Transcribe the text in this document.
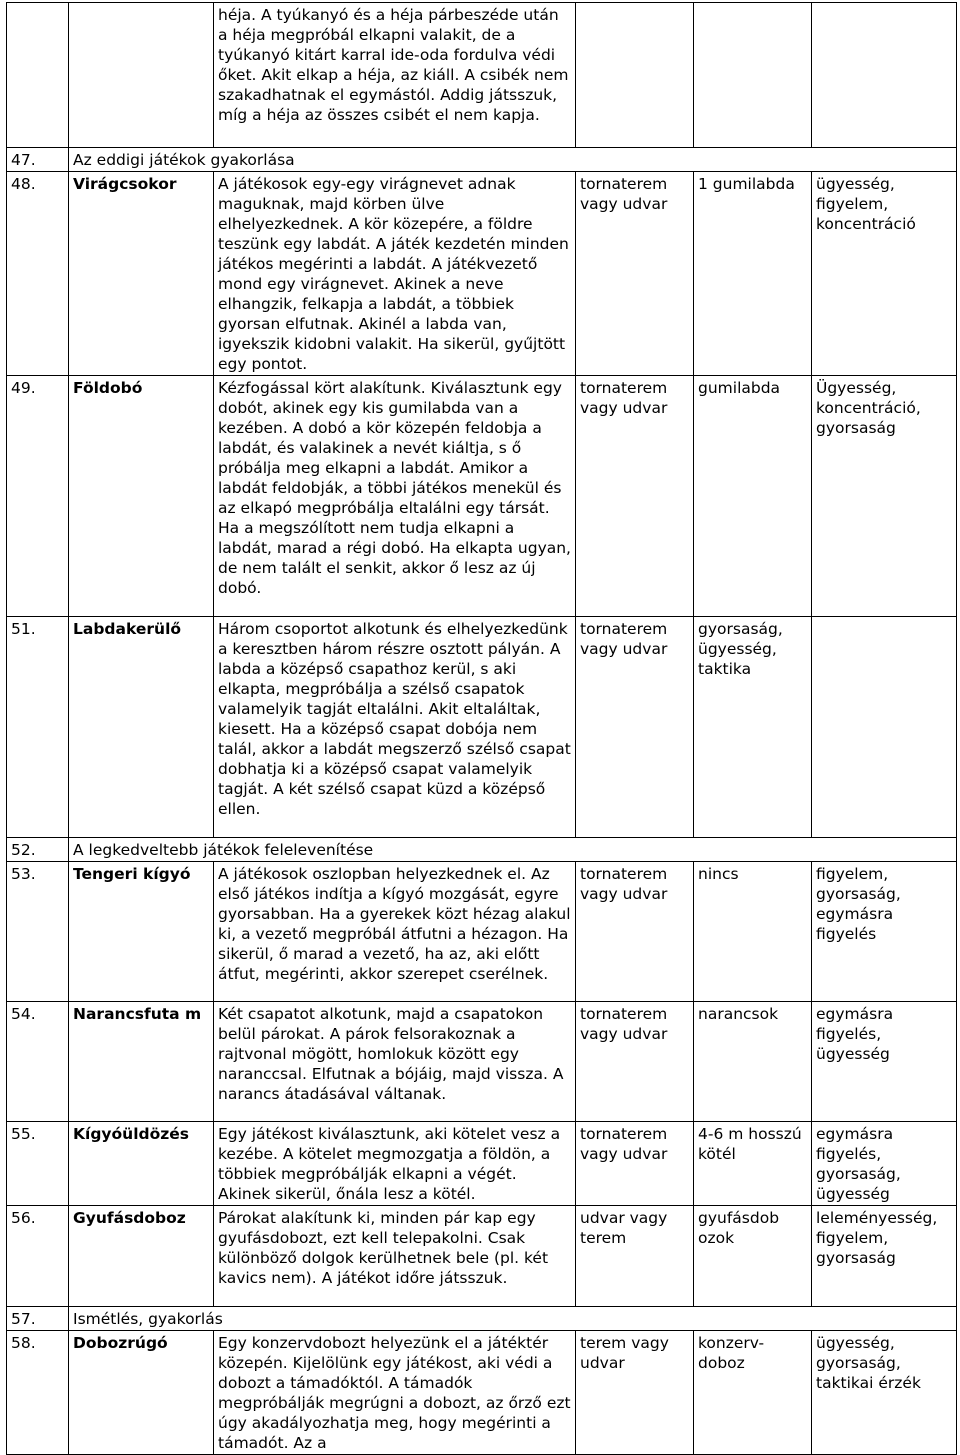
		héja. A tyúkanyó és a héja párbeszéde után a héja megpróbál elkapni valakit, de a tyúkanyó kitárt karral ide-oda fordulva védi őket. Akit elkap a héja, az kiáll. A csibék nem szakadhatnak el egymástól. Addig játsszuk, míg a héja az összes csibét el nem kapja.			
47.	Az eddigi játékok gyakorlása				
48.	Virágcsokor	A játékosok egy-egy virágnevet adnak maguknak, majd körben ülve elhelyezkednek. A kör közepére, a földre teszünk egy labdát. A játék kezdetén minden játékos megérinti a labdát. A játékvezető mond egy virágnevet. Akinek a neve elhangzik, felkapja a labdát, a többiek gyorsan elfutnak. Akinél a labda van, igyekszik kidobni valakit. Ha sikerül, gyűjtött egy pontot.	tornaterem vagy udvar	1 gumilabda	ügyesség, figyelem, koncentráció
49.	Földobó	Kézfogással kört alakítunk. Kiválasztunk egy dobót, akinek egy kis gumilabda van a kezében. A dobó a kör közepén feldobja a labdát, és valakinek a nevét kiáltja, s ő próbálja meg elkapni a labdát. Amikor a labdát feldobják, a többi játékos menekül és az elkapó megpróbálja eltalálni egy társát. Ha a megszólított nem tudja elkapni a labdát, marad a régi dobó. Ha elkapta ugyan, de nem talált el senkit, akkor ő lesz az új dobó.	tornaterem vagy udvar	gumilabda	Ügyesség, koncentráció, gyorsaság
51.	Labdakerülő	Három csoportot alkotunk és elhelyezkedünk a keresztben három részre osztott pályán. A labda a középső csapathoz kerül, s aki elkapta, megpróbálja a szélső csapatok valamelyik tagját eltalálni. Akit eltaláltak, kiesett. Ha a középső csapat dobója nem talál, akkor a labdát megszerző szélső csapat dobhatja ki a középső csapat valamelyik tagját. A két szélső csapat küzd a középső ellen.	tornaterem vagy udvar	gyorsaság, ügyesség, taktika	
52.	A legkedveltebb játékok felelevenítése				
53.	Tengeri kígyó	A játékosok oszlopban helyezkednek el. Az első játékos indítja a kígyó mozgását, egyre gyorsabban. Ha a gyerekek közt hézag alakul ki, a vezető megpróbál átfutni a hézagon. Ha sikerül, ő marad a vezető, ha az, aki előtt átfut, megérinti, akkor szerepet cserélnek.	tornaterem vagy udvar	nincs	figyelem, gyorsaság, egymásra figyelés
54.	Narancsfuta m	Két csapatot alkotunk, majd a csapatokon belül párokat. A párok felsorakoznak a rajtvonal mögött, homlokuk között egy naranccsal. Elfutnak a bójáig, majd vissza. A narancs átadásával váltanak.	tornaterem vagy udvar	narancsok	egymásra figyelés, ügyesség
55.	Kígyóüldözés	Egy játékost kiválasztunk, aki kötelet vesz a kezébe. A kötelet megmozgatja a földön, a többiek megpróbálják elkapni a végét. Akinek sikerül, őnála lesz a kötél.	tornaterem vagy udvar	4-6 m hosszú kötél	egymásra figyelés, gyorsaság, ügyesség
56.	Gyufásdoboz	Párokat alakítunk ki, minden pár kap egy gyufásdobozt, ezt kell telepakolni. Csak különböző dolgok kerülhetnek bele (pl. két kavics nem). A játékot időre játsszuk.	udvar vagy terem	gyufásdob ozok	leleményesség, figyelem, gyorsaság
57.	Ismétlés, gyakorlás				
58.	Dobozrúgó	Egy konzervdobozt helyezünk el a játéktér közepén. Kijelölünk egy játékost, aki védi a dobozt a támadóktól. A támadók megpróbálják megrúgni a dobozt, az őrző ezt úgy akadályozhatja meg, hogy megérinti a támadót. Az a	terem vagy udvar	konzerv- doboz	ügyesség, gyorsaság, taktikai érzék
